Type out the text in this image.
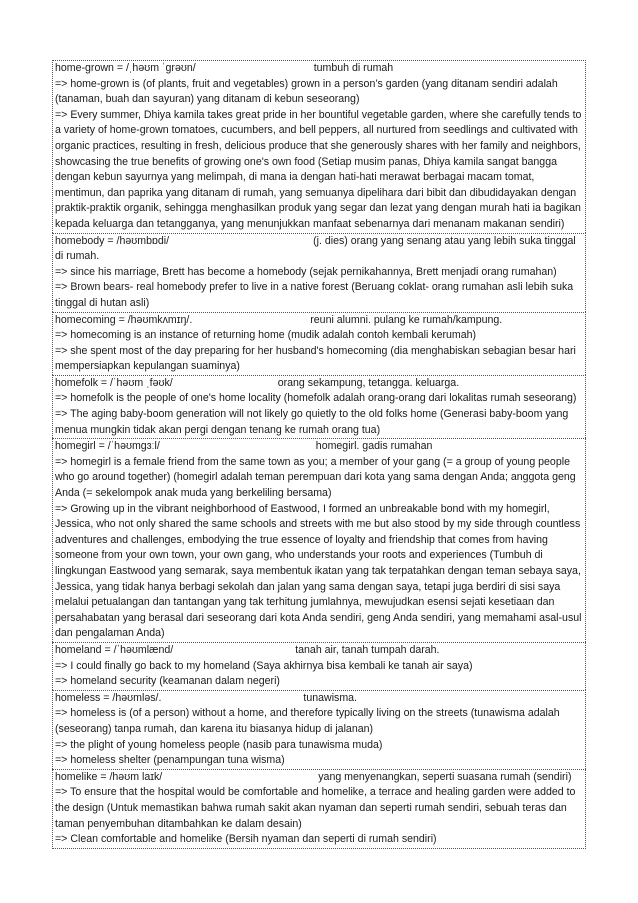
home-grown = /ˌhəʊm ˈgrəʊn/	tumbuh di rumah
=> home-grown is (of plants, fruit and vegetables) grown in a person’s garden (yang ditanam sendiri adalah (tanaman, buah dan sayuran) yang ditanam di kebun seseorang)
=> Every summer, Dhiya kamila takes great pride in her bountiful vegetable garden, where she carefully tends to a variety of home-grown tomatoes, cucumbers, and bell peppers, all nurtured from seedlings and cultivated with organic practices, resulting in fresh, delicious produce that she generously shares with her family and neighbors, showcasing the true benefits of growing one's own food (Setiap musim panas, Dhiya kamila sangat bangga dengan kebun sayurnya yang melimpah, di mana ia dengan hati-hati merawat berbagai macam tomat, mentimun, dan paprika yang ditanam di rumah, yang semuanya dipelihara dari bibit dan dibudidayakan dengan praktik-praktik organik, sehingga menghasilkan produk yang segar dan lezat yang dengan murah hati ia bagikan kepada keluarga dan tetangganya, yang menunjukkan manfaat sebenarnya dari menanam makanan sendiri)
homebody = /həʊmbɒdi/	(j. dies) orang yang senang atau yang lebih suka tinggal di rumah.
=> since his marriage, Brett has become a homebody (sejak pernikahannya, Brett menjadi orang rumahan)
=> Brown bears- real homebody prefer to live in a native forest (Beruang coklat- orang rumahan asli lebih suka tinggal di hutan asli)
homecoming = /həʊmkʌmɪŋ/.	reuni alumni. pulang ke rumah/kampung.
=> homecoming is an instance of returning home (mudik adalah contoh kembali kerumah)
=> she spent most of the day preparing for her husband's homecoming (dia menghabiskan sebagian besar hari mempersiapkan kepulangan suaminya)
homefolk = /ˈhəʊm ˌfəʊk/	orang sekampung, tetangga. keluarga.
=> homefolk is the people of one's home locality (homefolk adalah orang-orang dari lokalitas rumah seseorang)
=> The aging baby-boom generation will not likely go quietly to the old folks home (Generasi baby-boom yang menua mungkin tidak akan pergi dengan tenang ke rumah orang tua)
homegirl = /ˈhəʊmgɜːl/	homegirl. gadis rumahan
=> homegirl is a female friend from the same town as you; a member of your gang (= a group of young people who go around together) (homegirl adalah teman perempuan dari kota yang sama dengan Anda; anggota geng Anda (= sekelompok anak muda yang berkeliling bersama)
=> Growing up in the vibrant neighborhood of Eastwood, I formed an unbreakable bond with my homegirl, Jessica, who not only shared the same schools and streets with me but also stood by my side through countless adventures and challenges, embodying the true essence of loyalty and friendship that comes from having someone from your own town, your own gang, who understands your roots and experiences (Tumbuh di lingkungan Eastwood yang semarak, saya membentuk ikatan yang tak terpatahkan dengan teman sebaya saya, Jessica, yang tidak hanya berbagi sekolah dan jalan yang sama dengan saya, tetapi juga berdiri di sisi saya melalui petualangan dan tantangan yang tak terhitung jumlahnya, mewujudkan esensi sejati kesetiaan dan persahabatan yang berasal dari seseorang dari kota Anda sendiri, geng Anda sendiri, yang memahami asal-usul dan pengalaman Anda)
homeland = /ˈhəʊmlænd/	tanah air, tanah tumpah darah.
=> I could finally go back to my homeland (Saya akhirnya bisa kembali ke tanah air saya)
=> homeland security (keamanan dalam negeri)
homeless = /həʊmləs/.	tunawisma.
=> homeless is (of a person) without a home, and therefore typically living on the streets (tunawisma adalah (seseorang) tanpa rumah, dan karena itu biasanya hidup di jalanan)
=> the plight of young homeless people (nasib para tunawisma muda)
=> homeless shelter (penampungan tuna wisma)
homelike = /həʊm laɪk/	yang menyenangkan, seperti suasana rumah (sendiri)
=> To ensure that the hospital would be comfortable and homelike, a terrace and healing garden were added to the design (Untuk memastikan bahwa rumah sakit akan nyaman dan seperti rumah sendiri, sebuah teras dan taman penyembuhan ditambahkan ke dalam desain)
=> Clean comfortable and homelike (Bersih nyaman dan seperti di rumah sendiri)
